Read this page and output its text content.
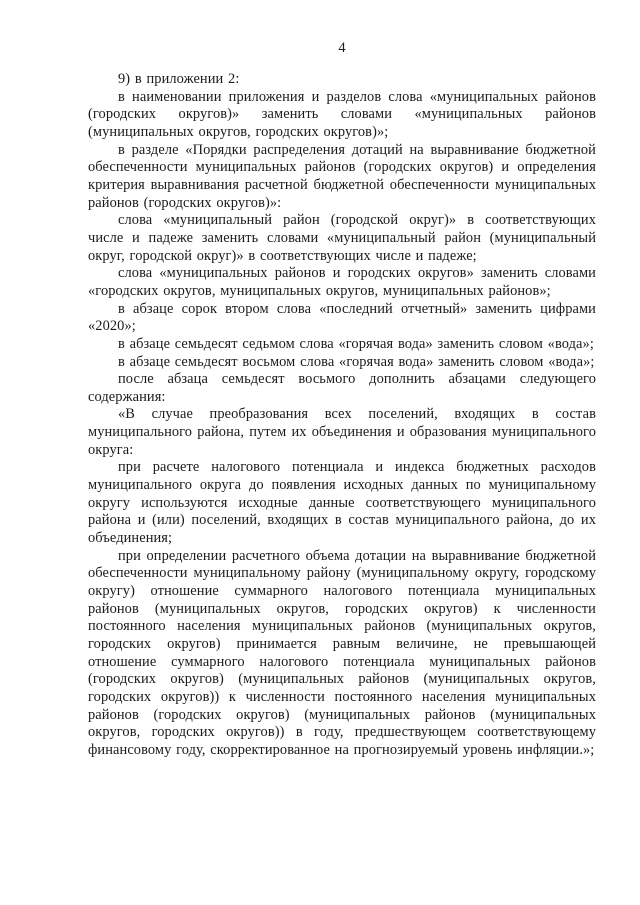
4

9) в приложении 2:

в наименовании приложения и разделов слова «муниципальных районов (городских округов)» заменить словами «муниципальных районов (муниципальных округов, городских округов)»;

в разделе «Порядки распределения дотаций на выравнивание бюджетной обеспеченности муниципальных районов (городских округов) и определения критерия выравнивания расчетной бюджетной обеспеченности муниципальных районов (городских округов)»:

слова «муниципальный район (городской округ)» в соответствующих числе и падеже заменить словами «муниципальный район (муниципальный округ, городской округ)» в соответствующих числе и падеже;

слова «муниципальных районов и городских округов» заменить словами «городских округов, муниципальных округов, муниципальных районов»;

в абзаце сорок втором слова «последний отчетный» заменить цифрами «2020»;

в абзаце семьдесят седьмом слова «горячая вода» заменить словом «вода»;

в абзаце семьдесят восьмом слова «горячая вода» заменить словом «вода»;

после абзаца семьдесят восьмого дополнить абзацами следующего содержания:

«В случае преобразования всех поселений, входящих в состав муниципального района, путем их объединения и образования муниципального округа:

при расчете налогового потенциала и индекса бюджетных расходов муниципального округа до появления исходных данных по муниципальному округу используются исходные данные соответствующего муниципального района и (или) поселений, входящих в состав муниципального района, до их объединения;

при определении расчетного объема дотации на выравнивание бюджетной обеспеченности муниципальному району (муниципальному округу, городскому округу) отношение суммарного налогового потенциала муниципальных районов (муниципальных округов, городских округов) к численности постоянного населения муниципальных районов (муниципальных округов, городских округов) принимается равным величине, не превышающей отношение суммарного налогового потенциала муниципальных районов (городских округов) (муниципальных районов (муниципальных округов, городских округов)) к численности постоянного населения муниципальных районов (городских округов) (муниципальных районов (муниципальных округов, городских округов)) в году, предшествующем соответствующему финансовому году, скорректированное на прогнозируемый уровень инфляции.»;
